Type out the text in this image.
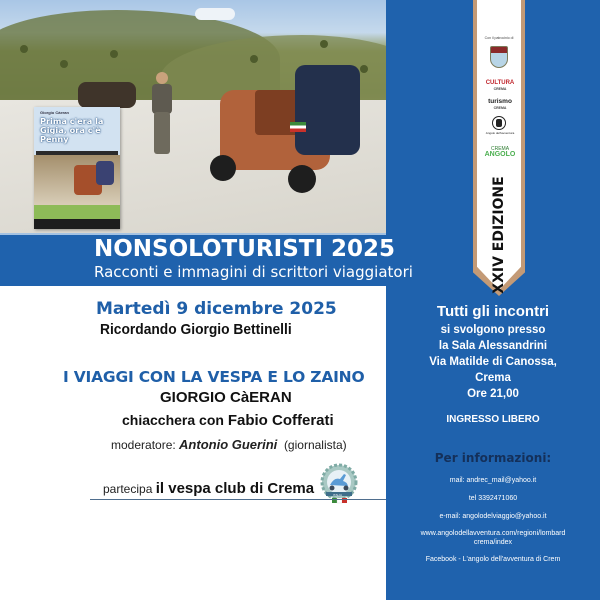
Giorgio Càeran
Prima c'era la Gigia, ora c'è Penny
NONSOLOTURISTI 2025
Racconti e immagini di scrittori viaggiatori
Con il patrocinio di
CULTURA
CREMA
turismo
CREMA
Angolo dell'avventura
CREMA
ANGOLO
XXIV EDIZIONE
Martedì 9 dicembre 2025
Ricordando Giorgio Bettinelli
I VIAGGI CON LA VESPA E LO ZAINO
GIORGIO CàERAN
chiacchera con Fabio Cofferati
moderatore: Antonio Guerini (giornalista)
partecipa il vespa club di Crema	ITALIA
Tutti gli incontri
si svolgono presso
la Sala Alessandrini
Via Matilde di Canossa,
Crema
Ore 21,00
INGRESSO LIBERO
Per informazioni:
mail: andrec_mail@yahoo.it
tel 3392471060
e-mail: angolodelviaggio@yahoo.it
www.angolodellavventura.com/regioni/lombard
crema/index
Facebook - L'angolo dell'avventura di Crem
